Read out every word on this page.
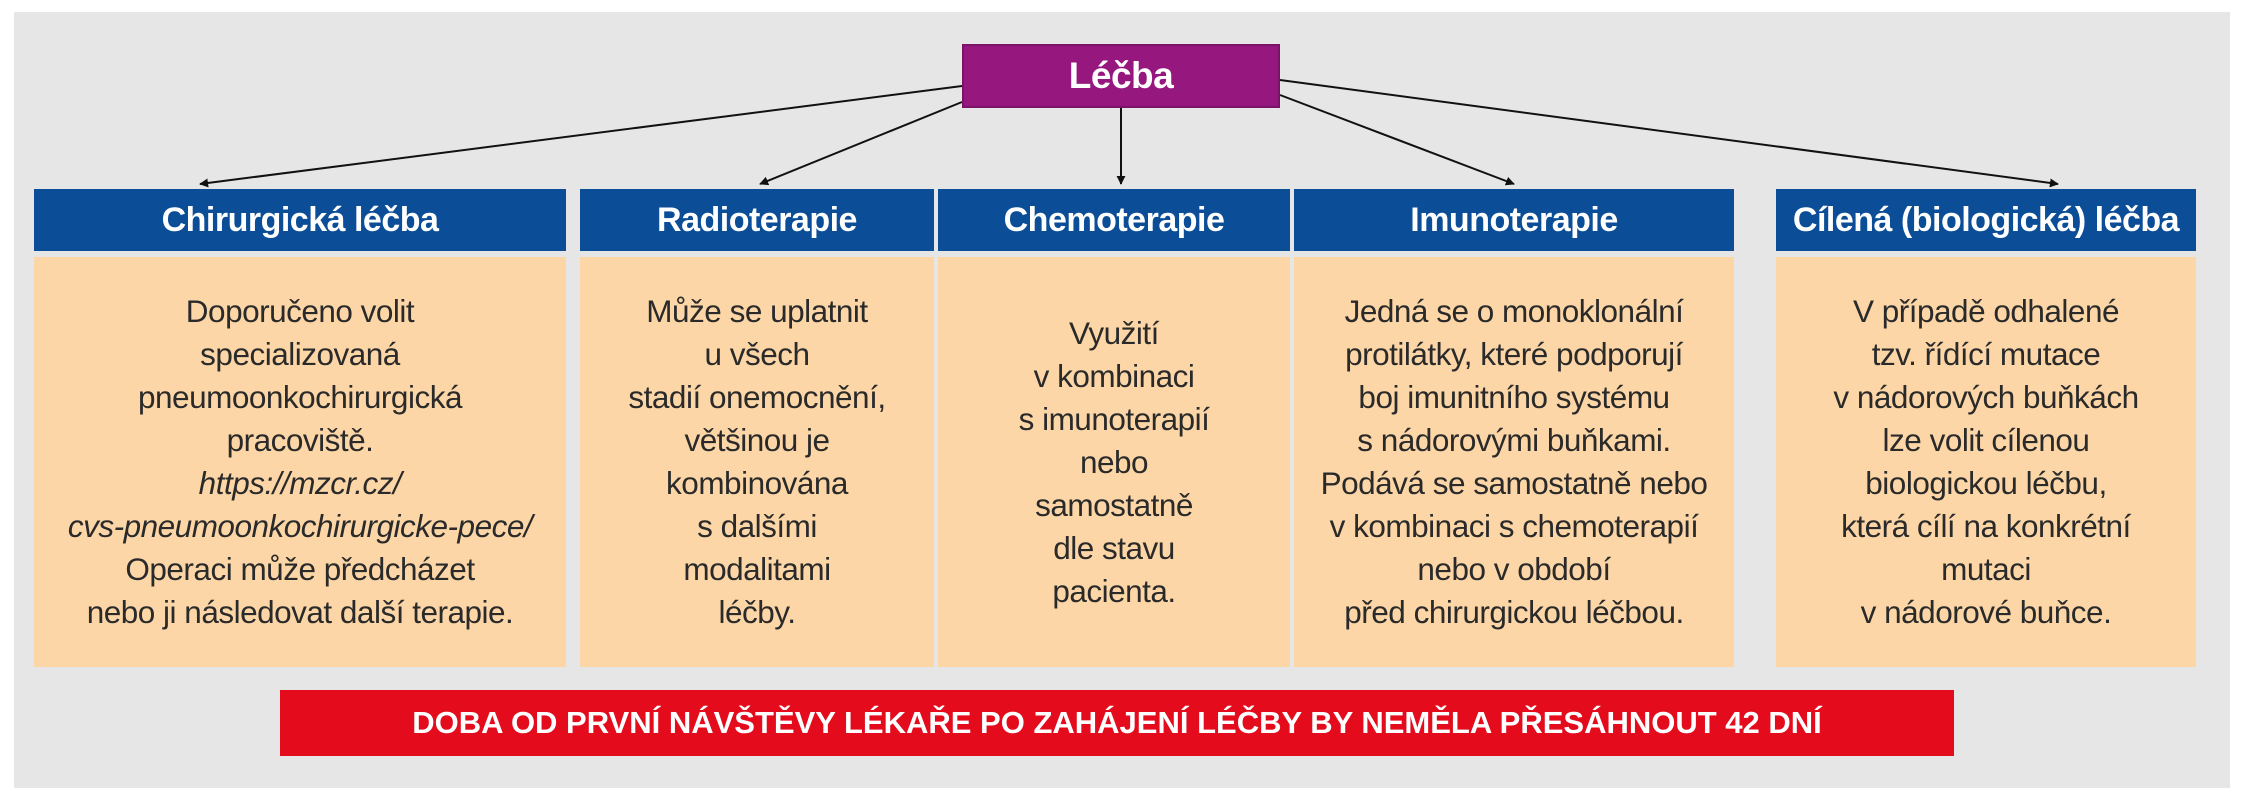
Léčba
Chirurgická léčba
Doporučeno volit
specializovaná
pneumoonkochirurgická
pracoviště.
https://mzcr.cz/
cvs-pneumoonkochirurgicke-pece/
Operaci může předcházet
nebo ji následovat další terapie.
Radioterapie
Může se uplatnit
u všech
stadií onemocnění,
většinou je
kombinována
s dalšími
modalitami
léčby.
Chemoterapie
Využití
v kombinaci
s imunoterapií
nebo
samostatně
dle stavu
pacienta.
Imunoterapie
Jedná se o monoklonální
protilátky, které podporují
boj imunitního systému
s nádorovými buňkami.
Podává se samostatně nebo
v kombinaci s chemoterapií
nebo v období
před chirurgickou léčbou.
Cílená (biologická) léčba
V případě odhalené
tzv. řídící mutace
v nádorových buňkách
lze volit cílenou
biologickou léčbu,
která cílí na konkrétní
mutaci
v nádorové buňce.
DOBA OD PRVNÍ NÁVŠTĚVY LÉKAŘE PO ZAHÁJENÍ LÉČBY BY NEMĚLA PŘESÁHNOUT 42 DNÍ
